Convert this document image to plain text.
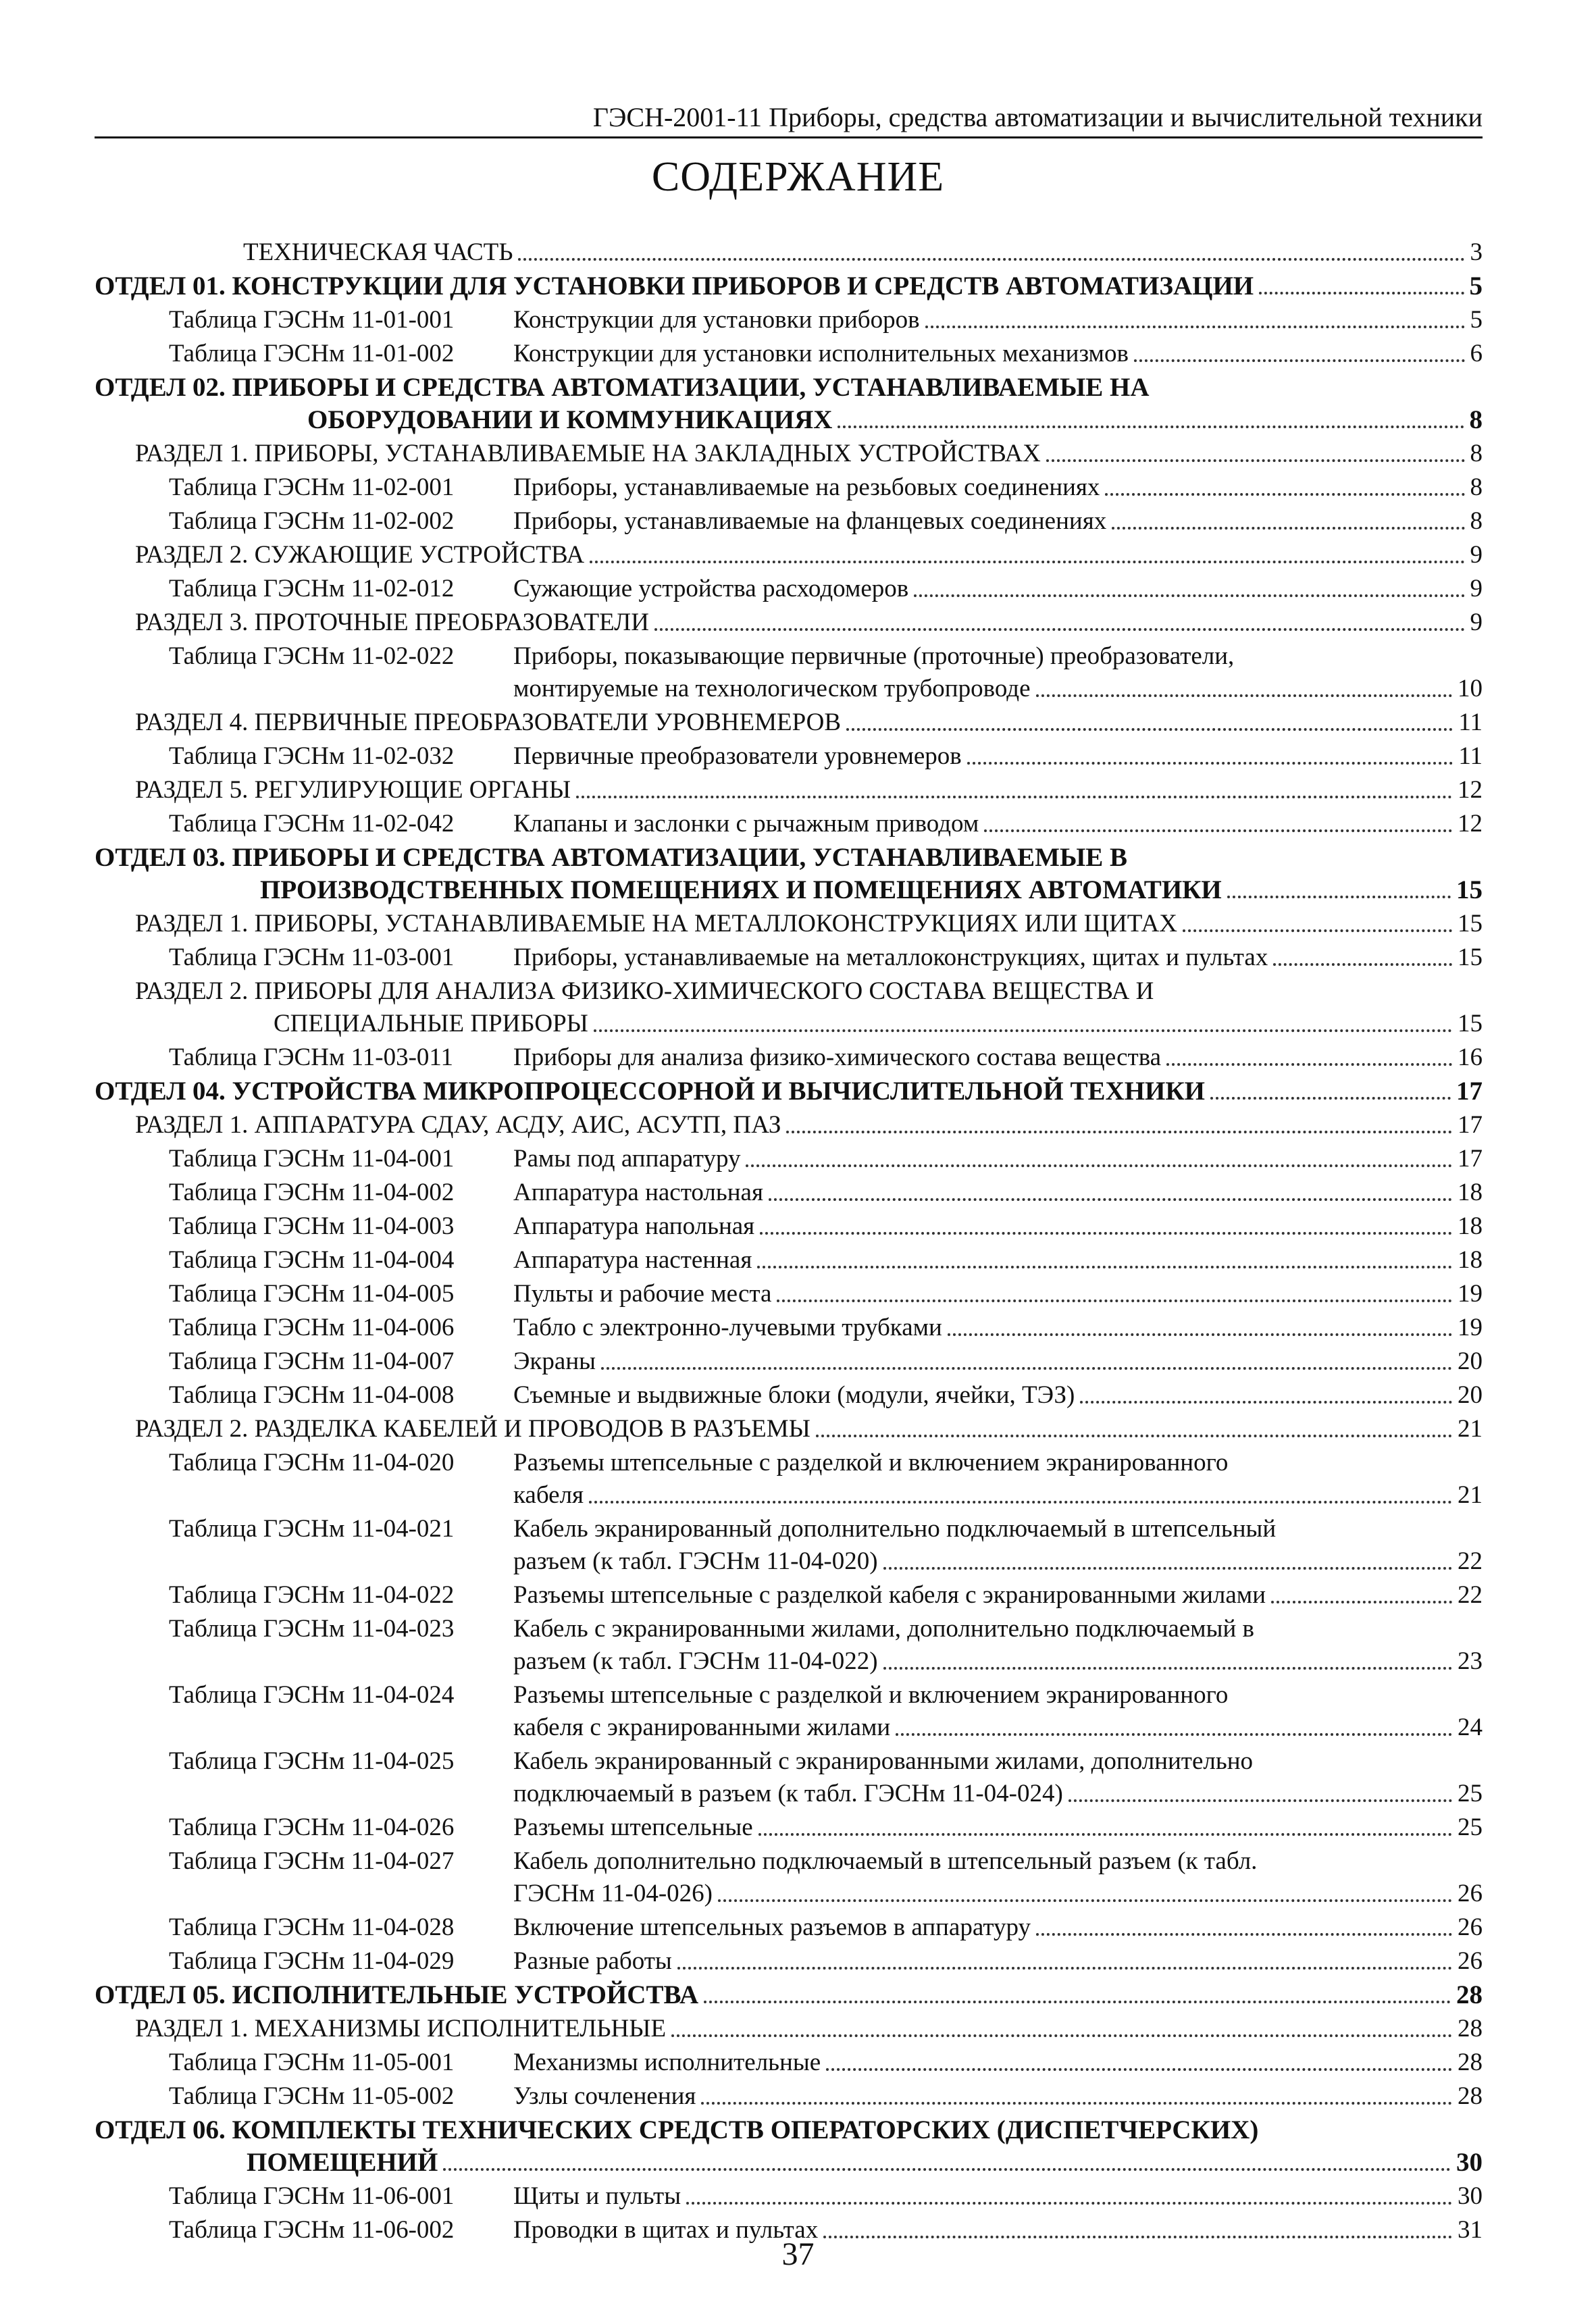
ГЭСН-2001-11 Приборы, средства автоматизации и вычислительной техники
СОДЕРЖАНИЕ
ТЕХНИЧЕСКАЯ ЧАСТЬ	3
ОТДЕЛ 01. КОНСТРУКЦИИ ДЛЯ УСТАНОВКИ ПРИБОРОВ И СРЕДСТВ АВТОМАТИЗАЦИИ	5
Таблица ГЭСНм 11-01-001	Конструкции для установки приборов	5
Таблица ГЭСНм 11-01-002	Конструкции для установки исполнительных механизмов	6
ОТДЕЛ 02. ПРИБОРЫ И СРЕДСТВА АВТОМАТИЗАЦИИ, УСТАНАВЛИВАЕМЫЕ НА
ОБОРУДОВАНИИ И КОММУНИКАЦИЯХ	8
РАЗДЕЛ 1. ПРИБОРЫ, УСТАНАВЛИВАЕМЫЕ НА ЗАКЛАДНЫХ УСТРОЙСТВАХ	8
Таблица ГЭСНм 11-02-001	Приборы, устанавливаемые на резьбовых соединениях	8
Таблица ГЭСНм 11-02-002	Приборы, устанавливаемые на фланцевых соединениях	8
РАЗДЕЛ 2. СУЖАЮЩИЕ УСТРОЙСТВА	9
Таблица ГЭСНм 11-02-012	Сужающие устройства расходомеров	9
РАЗДЕЛ 3. ПРОТОЧНЫЕ ПРЕОБРАЗОВАТЕЛИ	9
Таблица ГЭСНм 11-02-022 Приборы, показывающие первичные (проточные) преобразователи,
монтируемые на технологическом трубопроводе	10
РАЗДЕЛ 4. ПЕРВИЧНЫЕ ПРЕОБРАЗОВАТЕЛИ УРОВНЕМЕРОВ	11
Таблица ГЭСНм 11-02-032	Первичные преобразователи уровнемеров	11
РАЗДЕЛ 5. РЕГУЛИРУЮЩИЕ ОРГАНЫ	12
Таблица ГЭСНм 11-02-042	Клапаны и заслонки с рычажным приводом	12
ОТДЕЛ 03. ПРИБОРЫ И СРЕДСТВА АВТОМАТИЗАЦИИ, УСТАНАВЛИВАЕМЫЕ В
ПРОИЗВОДСТВЕННЫХ ПОМЕЩЕНИЯХ И ПОМЕЩЕНИЯХ АВТОМАТИКИ	15
РАЗДЕЛ 1. ПРИБОРЫ, УСТАНАВЛИВАЕМЫЕ НА МЕТАЛЛОКОНСТРУКЦИЯХ ИЛИ ЩИТАХ	15
Таблица ГЭСНм 11-03-001	Приборы, устанавливаемые на металлоконструкциях, щитах и пультах	15
РАЗДЕЛ 2. ПРИБОРЫ ДЛЯ АНАЛИЗА ФИЗИКО-ХИМИЧЕСКОГО СОСТАВА ВЕЩЕСТВА И
СПЕЦИАЛЬНЫЕ ПРИБОРЫ	15
Таблица ГЭСНм 11-03-011	Приборы для анализа физико-химического состава вещества	16
ОТДЕЛ 04. УСТРОЙСТВА МИКРОПРОЦЕССОРНОЙ И ВЫЧИСЛИТЕЛЬНОЙ ТЕХНИКИ	17
РАЗДЕЛ 1. АППАРАТУРА СДАУ, АСДУ, АИС, АСУТП, ПАЗ	17
Таблица ГЭСНм 11-04-001	Рамы под аппаратуру	17
Таблица ГЭСНм 11-04-002	Аппаратура настольная	18
Таблица ГЭСНм 11-04-003	Аппаратура напольная	18
Таблица ГЭСНм 11-04-004	Аппаратура настенная	18
Таблица ГЭСНм 11-04-005	Пульты и рабочие места	19
Таблица ГЭСНм 11-04-006	Табло с электронно-лучевыми трубками	19
Таблица ГЭСНм 11-04-007	Экраны	20
Таблица ГЭСНм 11-04-008	Съемные и выдвижные блоки (модули, ячейки, ТЭЗ)	20
РАЗДЕЛ 2. РАЗДЕЛКА КАБЕЛЕЙ И ПРОВОДОВ В РАЗЪЕМЫ	21
Таблица ГЭСНм 11-04-020 Разъемы штепсельные с разделкой и включением экранированного
кабеля	21
Таблица ГЭСНм 11-04-021 Кабель экранированный дополнительно подключаемый в штепсельный
разъем (к табл. ГЭСНм 11-04-020)	22
Таблица ГЭСНм 11-04-022	Разъемы штепсельные с разделкой кабеля с экранированными жилами	22
Таблица ГЭСНм 11-04-023 Кабель с экранированными жилами, дополнительно подключаемый в
разъем (к табл. ГЭСНм 11-04-022)	23
Таблица ГЭСНм 11-04-024 Разъемы штепсельные с разделкой и включением экранированного
кабеля с экранированными жилами	24
Таблица ГЭСНм 11-04-025 Кабель экранированный с экранированными жилами, дополнительно
подключаемый в разъем (к табл. ГЭСНм 11-04-024)	25
Таблица ГЭСНм 11-04-026	Разъемы штепсельные	25
Таблица ГЭСНм 11-04-027 Кабель дополнительно подключаемый в штепсельный разъем (к табл.
ГЭСНм 11-04-026)	26
Таблица ГЭСНм 11-04-028	Включение штепсельных разъемов в аппаратуру	26
Таблица ГЭСНм 11-04-029	Разные работы	26
ОТДЕЛ 05. ИСПОЛНИТЕЛЬНЫЕ УСТРОЙСТВА	28
РАЗДЕЛ 1. МЕХАНИЗМЫ ИСПОЛНИТЕЛЬНЫЕ	28
Таблица ГЭСНм 11-05-001	Механизмы исполнительные	28
Таблица ГЭСНм 11-05-002	Узлы сочленения	28
ОТДЕЛ 06. КОМПЛЕКТЫ ТЕХНИЧЕСКИХ СРЕДСТВ ОПЕРАТОРСКИХ (ДИСПЕТЧЕРСКИХ)
ПОМЕЩЕНИЙ	30
Таблица ГЭСНм 11-06-001	Щиты и пульты	30
Таблица ГЭСНм 11-06-002	Проводки в щитах и пультах	31
37
